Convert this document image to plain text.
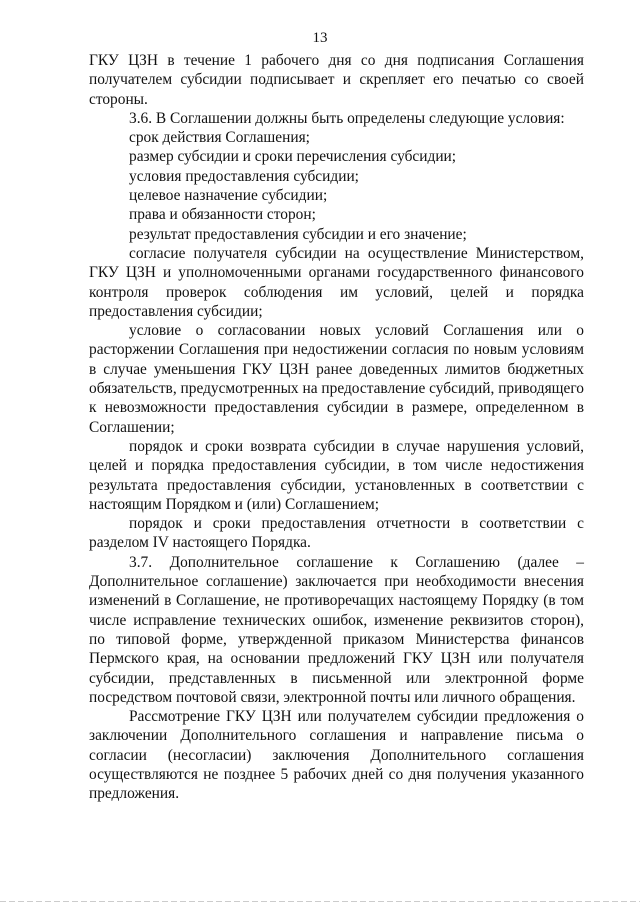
13

ГКУ ЦЗН в течение 1 рабочего дня со дня подписания Соглашения получателем субсидии подписывает и скрепляет его печатью со своей стороны.

3.6. В Соглашении должны быть определены следующие условия:

срок действия Соглашения;

размер субсидии и сроки перечисления субсидии;

условия предоставления субсидии;

целевое назначение субсидии;

права и обязанности сторон;

результат предоставления субсидии и его значение;

согласие получателя субсидии на осуществление Министерством, ГКУ ЦЗН и уполномоченными органами государственного финансового контроля проверок соблюдения им условий, целей и порядка предоставления субсидии;

условие о согласовании новых условий Соглашения или о расторжении Соглашения при недостижении согласия по новым условиям в случае уменьшения ГКУ ЦЗН ранее доведенных лимитов бюджетных обязательств, предусмотренных на предоставление субсидий, приводящего к невозможности предоставления субсидии в размере, определенном в Соглашении;

порядок и сроки возврата субсидии в случае нарушения условий, целей и порядка предоставления субсидии, в том числе недостижения результата предоставления субсидии, установленных в соответствии с настоящим Порядком и (или) Соглашением;

порядок и сроки предоставления отчетности в соответствии с разделом IV настоящего Порядка.

3.7. Дополнительное соглашение к Соглашению (далее – Дополнительное соглашение) заключается при необходимости внесения изменений в Соглашение, не противоречащих настоящему Порядку (в том числе исправление технических ошибок, изменение реквизитов сторон), по типовой форме, утвержденной приказом Министерства финансов Пермского края, на основании предложений ГКУ ЦЗН или получателя субсидии, представленных в письменной или электронной форме посредством почтовой связи, электронной почты или личного обращения.

Рассмотрение ГКУ ЦЗН или получателем субсидии предложения о заключении Дополнительного соглашения и направление письма о согласии (несогласии) заключения Дополнительного соглашения осуществляются не позднее 5 рабочих дней со дня получения указанного предложения.
